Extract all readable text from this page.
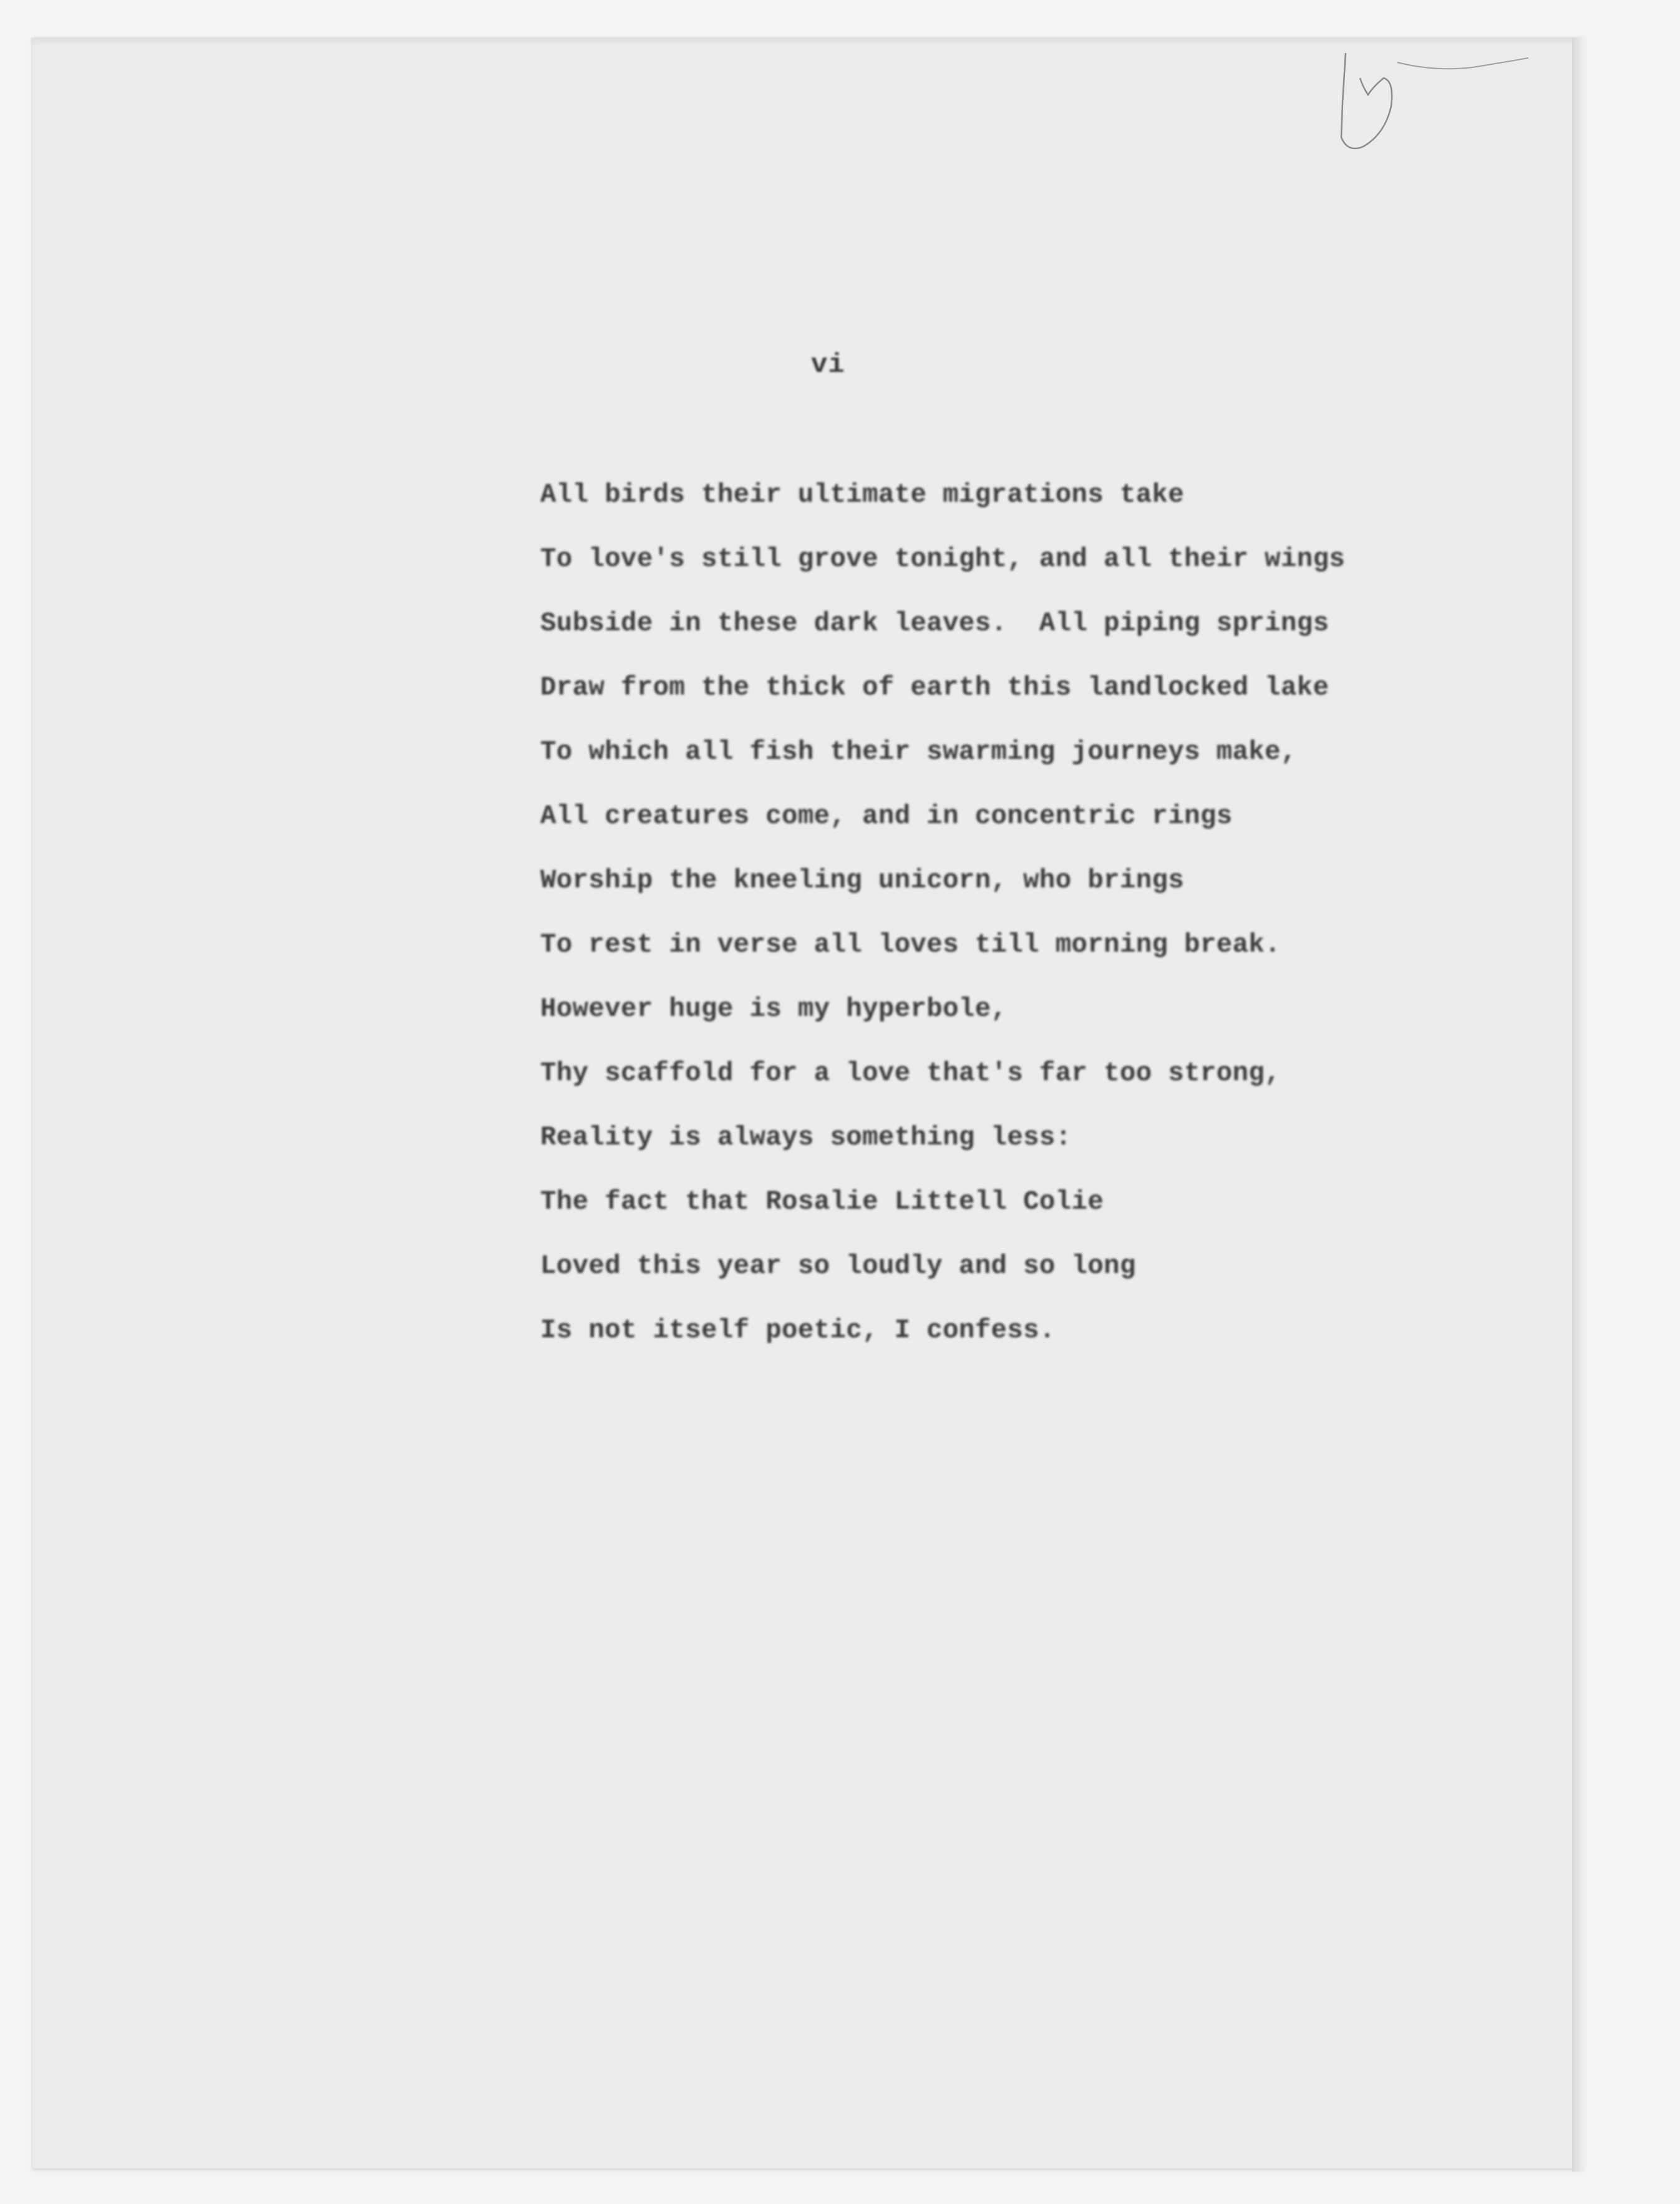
vi
All birds their ultimate migrations take
To love's still grove tonight, and all their wings
Subside in these dark leaves.  All piping springs
Draw from the thick of earth this landlocked lake
To which all fish their swarming journeys make,
All creatures come, and in concentric rings
Worship the kneeling unicorn, who brings
To rest in verse all loves till morning break.
However huge is my hyperbole,
Thy scaffold for a love that's far too strong,
Reality is always something less:
The fact that Rosalie Littell Colie
Loved this year so loudly and so long
Is not itself poetic, I confess.
